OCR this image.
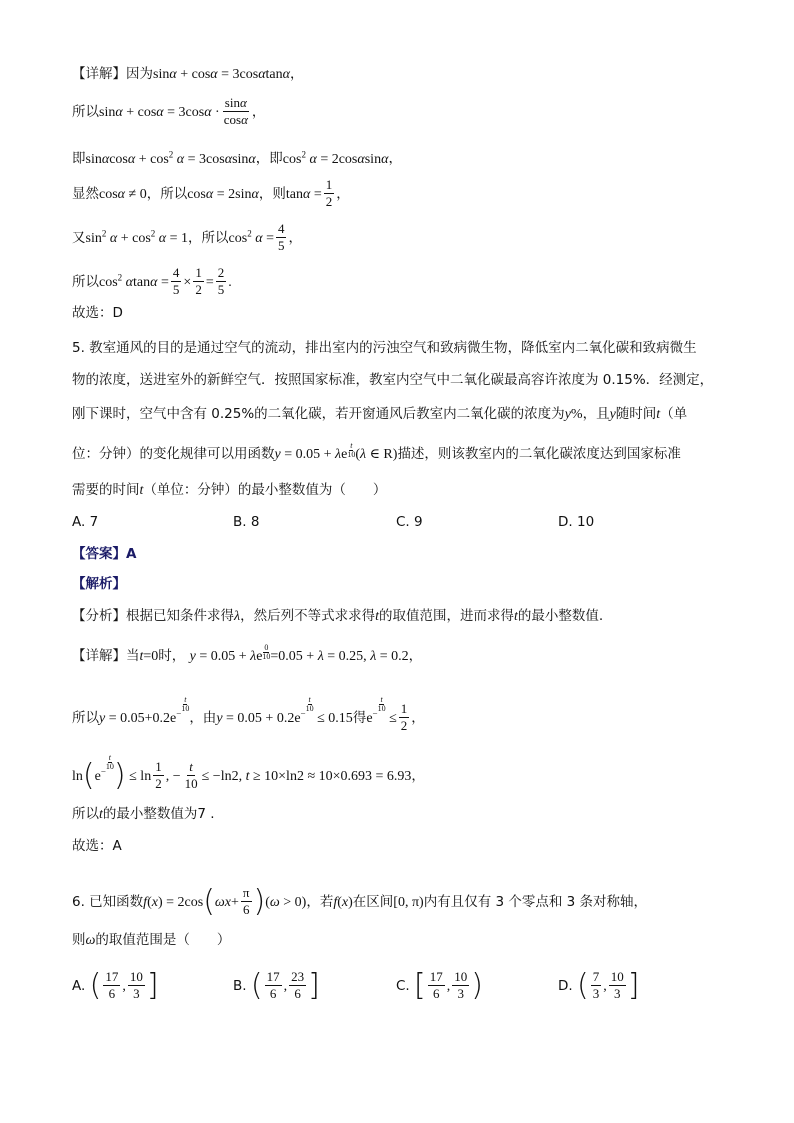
【详解】因为sinα + cosα = 3cosαtanα，
所以$\sin\alpha + \cos\alpha = 3\cos\alpha \cdot \frac{\sin\alpha}{\cos\alpha}$ ，
即$\sin\alpha\cos\alpha + \cos^2 \alpha = 3\cos\alpha\sin\alpha$，即$\cos^2 \alpha = 2\cos\alpha\sin\alpha$，
显然cosα ≠ 0，所以cosα = 2sinα，则$\tan\alpha = \frac{1}{2}$ ，
又$\sin^2 \alpha + \cos^2 \alpha = 1$，所以$\cos^2 \alpha = \frac{4}{5}$ ，
所以$\cos^2 \alpha\tan\alpha = \frac{4}{5} \times \frac{1}{2} = \frac{2}{5}$ .
故选：D
5. 教室通风的目的是通过空气的流动，排出室内的污浊空气和致病微生物，降低室内二氧化碳和致病微生
物的浓度，送进室外的新鲜空气．按照国家标准，教室内空气中二氧化碳最高容许浓度为 0.15%．经测定，
刚下课时，空气中含有 0.25%的二氧化碳，若开窗通风后教室内二氧化碳的浓度为y%，且y随时间t（单
位：分钟）的变化规律可以用函数y = 0.05 + λe $\frac{t}{10} (\lambda$ ∈ R)描述，则该教室内的二氧化碳浓度达到国家标准
需要的时间t（单位：分钟）的最小整数值为（　　）
A. 7	B. 8	C. 9	D. 10
【答案】A
【解析】
【分析】根据已知条件求得λ，然后列不等式求求得t的取值范围，进而求得t的最小整数值.
【详解】当t=0时， y = 0.05 + λe $\frac{0}{10} =0.05 + \lambda = 0.25$, λ = 0.2，
所以y = 0.05+0.2e−
$\frac{t}{10}$
，由y = 0.05 + 0.2e−
$\frac{t}{10}$
≤ 0.15得e−
$\frac{t}{10}$
≤ $\frac{1}{2}$ ，
ln(e−
$\frac{t}{10}$ ) ≤ $\ln \frac{1}{2}$ , − $\frac{t}{10} \le -\ln 2$, t ≥ 10×ln2 ≈ 10×0.693 = 6.93，
所以t的最小整数值为7 .
故选：A
6. 已知函数$f(x) = 2\cos(\omega x+ \frac{\pi}{6} )(\omega > 0)$，若f(x)在区间[0, π)内有且仅有 3 个零点和 3 条对称轴，
则ω的取值范围是（　　）
A. ( $\frac{17}{6}$ , $\frac{10}{3}$ ]	B. ( $\frac{17}{6}$ , $\frac{23}{6}$ ]	C. [ $\frac{17}{6}$ , $\frac{10}{3}$ )	D. ( $\frac{7}{3}$ , $\frac{10}{3}$ ]
